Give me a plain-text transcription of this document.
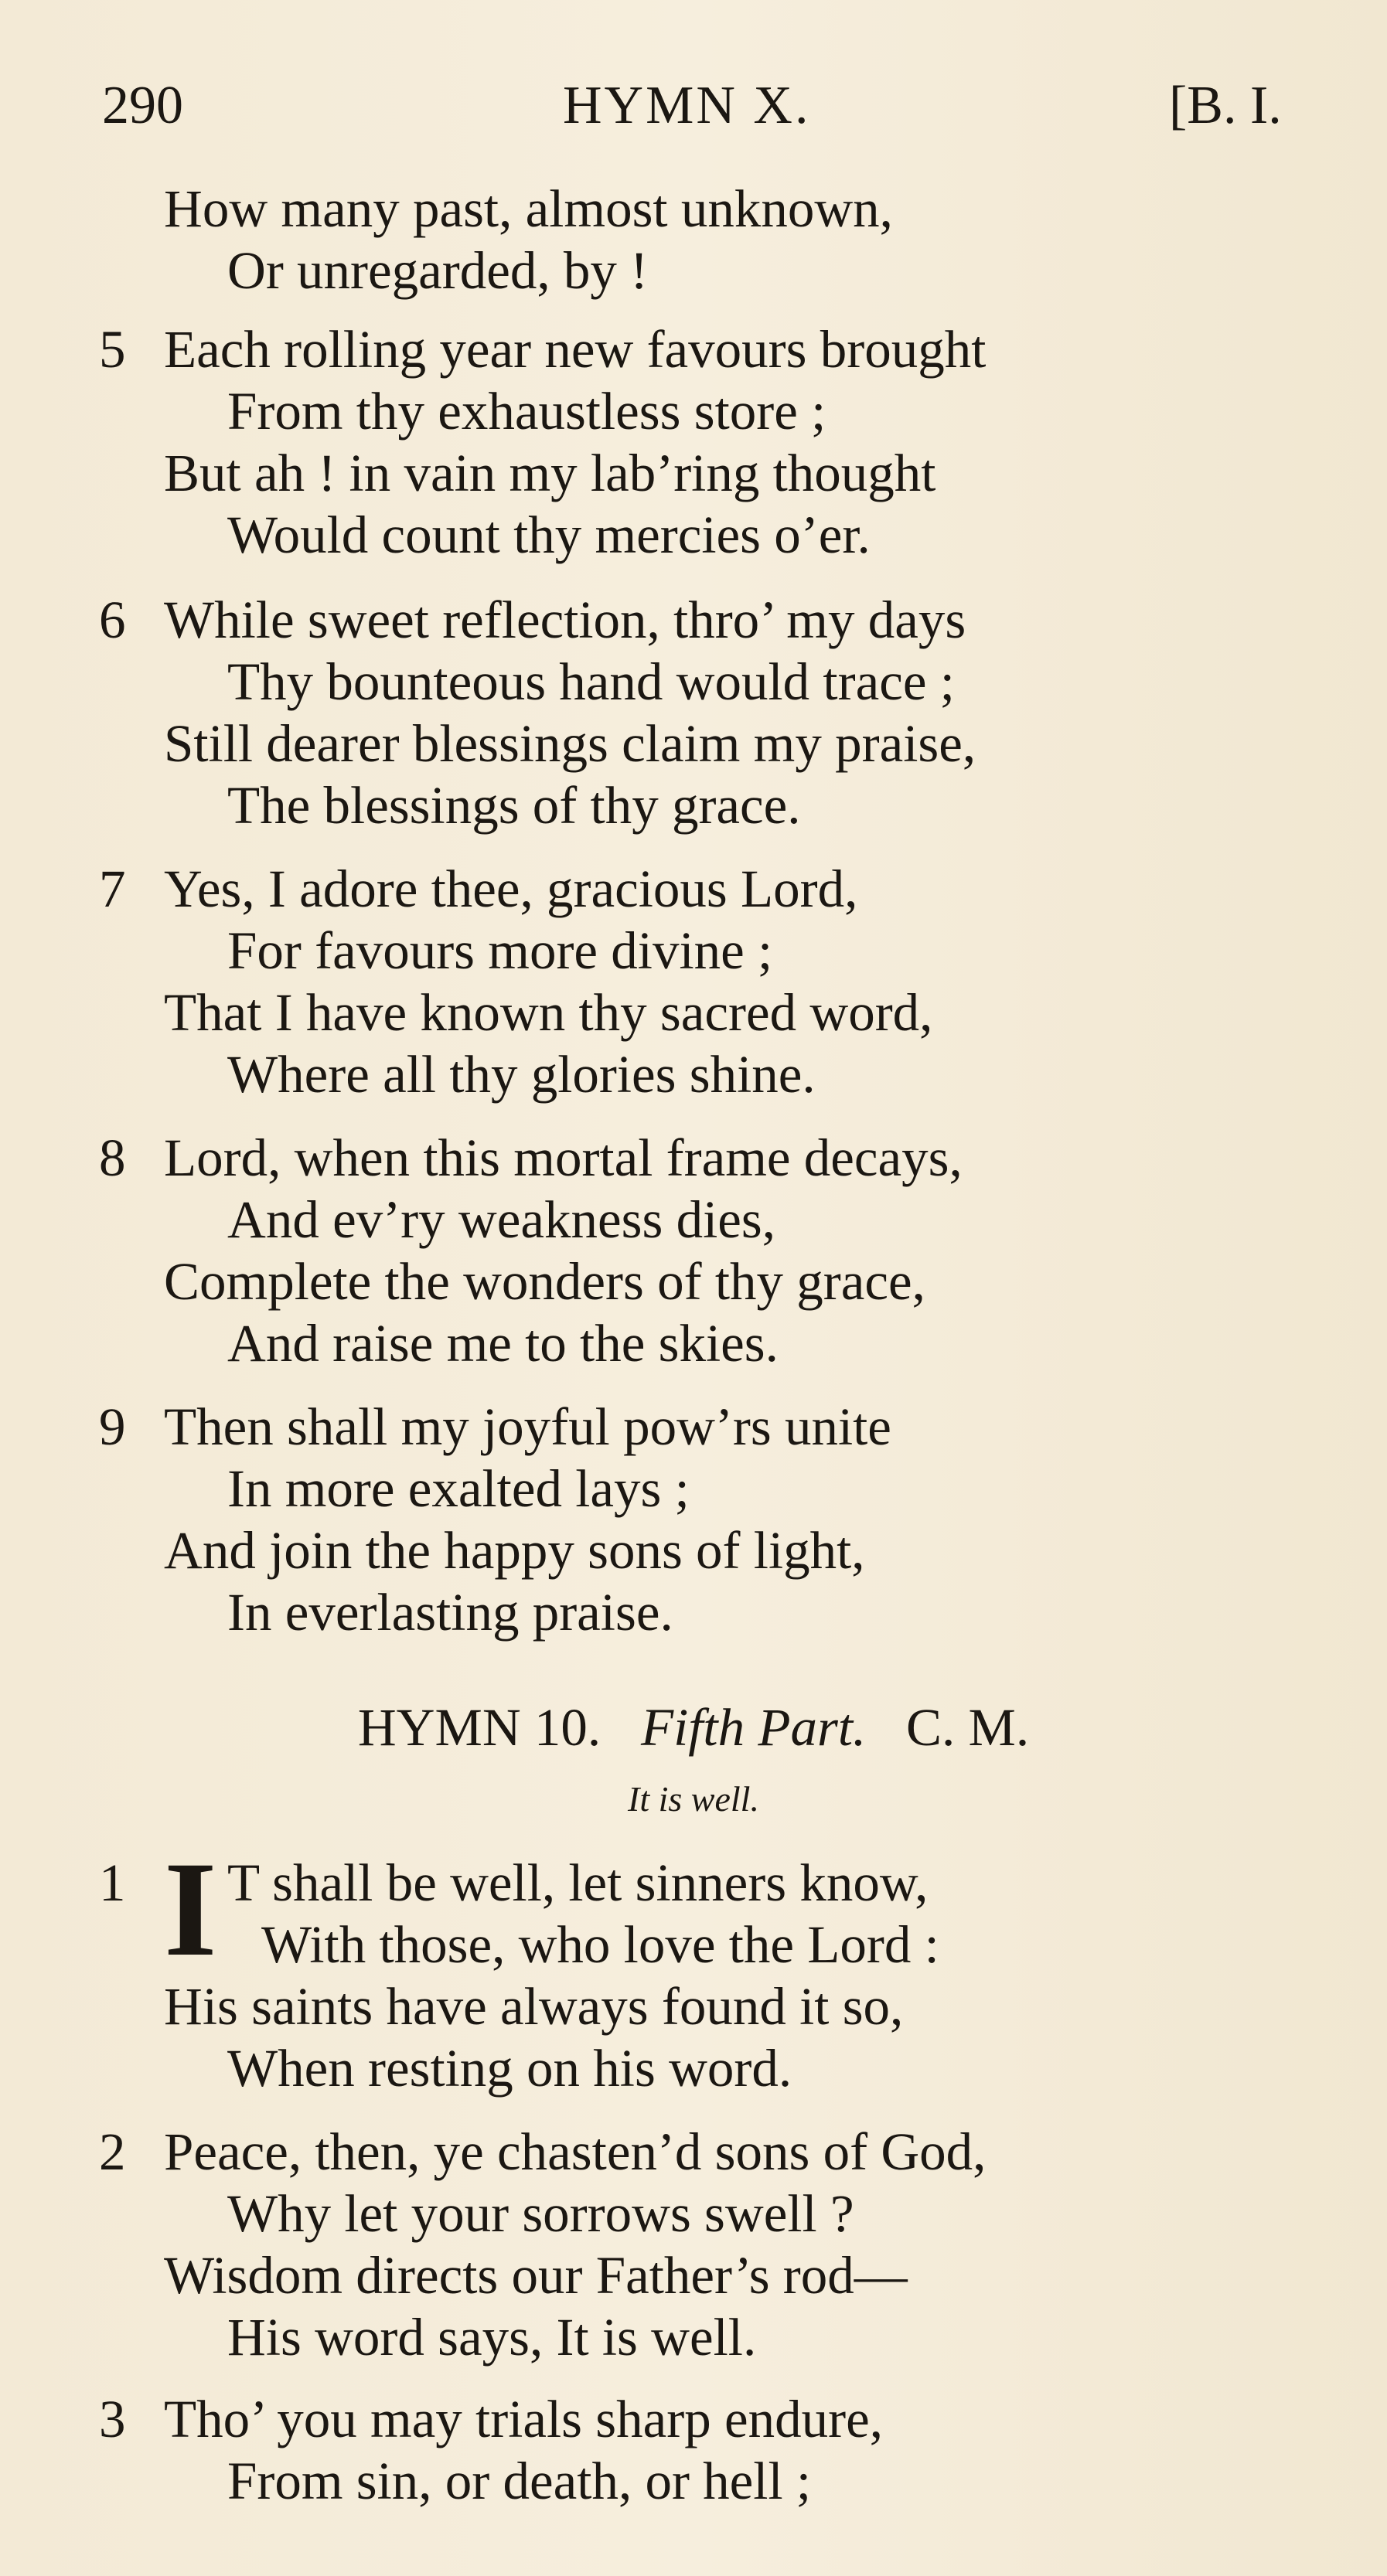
290	HYMN X.	[B. I.
How many past, almost unknown,
Or unregarded, by !
5 Each rolling year new favours brought
From thy exhaustless store ;
But ah ! in vain my lab’ring thought
Would count thy mercies o’er.
6 While sweet reflection, thro’ my days
Thy bounteous hand would trace ;
Still dearer blessings claim my praise,
The blessings of thy grace.
7 Yes, I adore thee, gracious Lord,
For favours more divine ;
That I have known thy sacred word,
Where all thy glories shine.
8 Lord, when this mortal frame decays,
And ev’ry weakness dies,
Complete the wonders of thy grace,
And raise me to the skies.
9 Then shall my joyful pow’rs unite
In more exalted lays ;
And join the happy sons of light,
In everlasting praise.
HYMN 10. Fifth Part. C. M.
It is well.
1 I T shall be well, let sinners know,
With those, who love the Lord :
His saints have always found it so,
When resting on his word.
2 Peace, then, ye chasten’d sons of God,
Why let your sorrows swell ?
Wisdom directs our Father’s rod—
His word says, It is well.
3 Tho’ you may trials sharp endure,
From sin, or death, or hell ;
